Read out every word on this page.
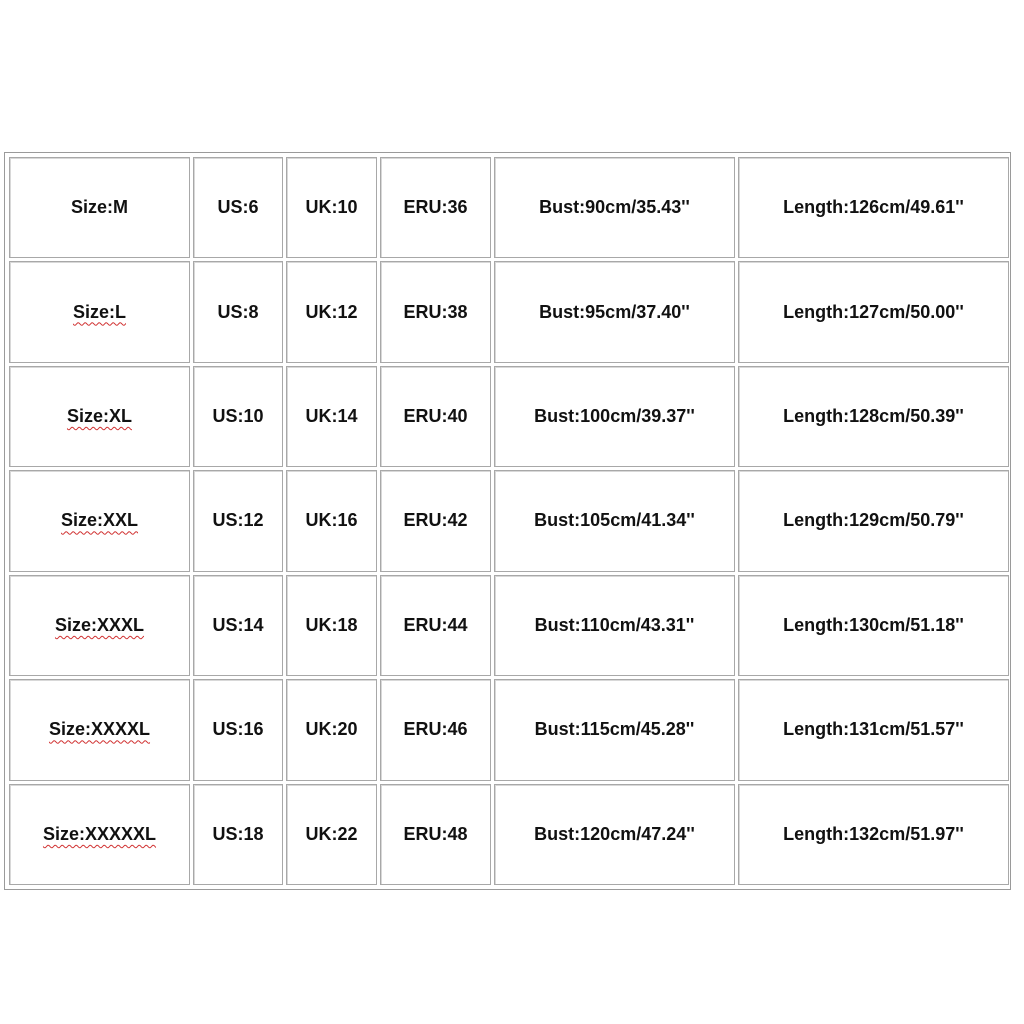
Size:M	US:6	UK:10	ERU:36	Bust:90cm/35.43''	Length:126cm/49.61''
Size:L	US:8	UK:12	ERU:38	Bust:95cm/37.40''	Length:127cm/50.00''
Size:XL	US:10	UK:14	ERU:40	Bust:100cm/39.37''	Length:128cm/50.39''
Size:XXL	US:12	UK:16	ERU:42	Bust:105cm/41.34''	Length:129cm/50.79''
Size:XXXL	US:14	UK:18	ERU:44	Bust:110cm/43.31''	Length:130cm/51.18''
Size:XXXXL	US:16	UK:20	ERU:46	Bust:115cm/45.28''	Length:131cm/51.57''
Size:XXXXXL	US:18	UK:22	ERU:48	Bust:120cm/47.24''	Length:132cm/51.97''
